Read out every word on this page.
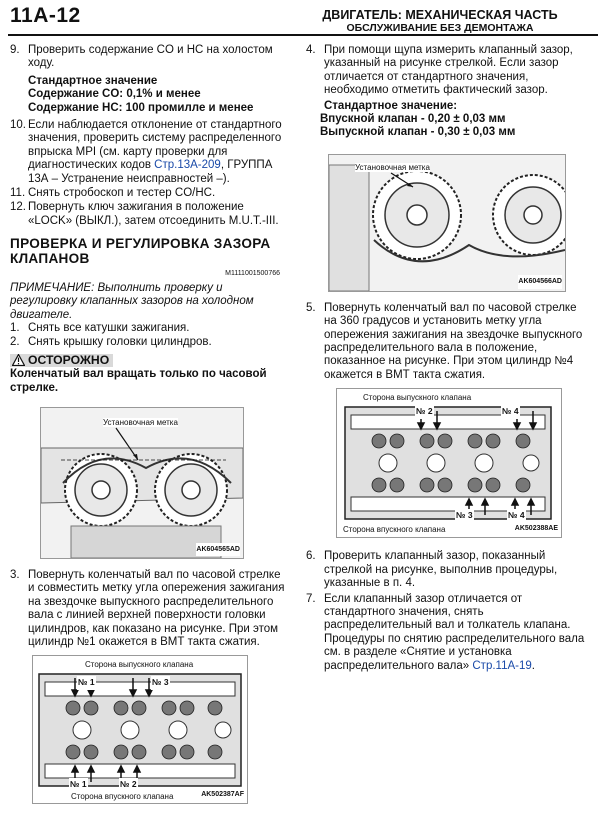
11A-12	ДВИГАТЕЛЬ: МЕХАНИЧЕСКАЯ ЧАСТЬ
ОБСЛУЖИВАНИЕ БЕЗ ДЕМОНТАЖА
9. Проверить содержание CO и HC на холостом ходу.
Стандартное значение
Содержание CO: 0,1% и менее
Содержание HC: 100 промилле и менее
10. Если наблюдается отклонение от стандартного значения, проверить систему распределенного впрыска MPI (см. карту проверки для диагностических кодов Стр.13A-209, ГРУППА 13А – Устранение неисправностей –).
11. Снять стробоскоп и тестер CO/HC.
12. Повернуть ключ зажигания в положение «LOCK» (ВЫКЛ.), затем отсоединить M.U.T.-III.
ПРОВЕРКА И РЕГУЛИРОВКА ЗАЗОРА КЛАПАНОВ
M1111001500766
ПРИМЕЧАНИЕ: Выполнить проверку и регулировку клапанных зазоров на холодном двигателе.
1. Снять все катушки зажигания.
2. Снять крышку головки цилиндров.
ОСТОРОЖНО
Коленчатый вал вращать только по часовой стрелке.
Установочная метка
AK604565AD
3. Повернуть коленчатый вал по часовой стрелке и совместить метку угла опережения зажигания на звездочке выпускного распределительного вала с линией верхней поверхности головки цилиндров, как показано на рисунке. При этом цилиндр №1 окажется в ВМТ такта сжатия.
Сторона выпускного клапана
№ 1	№ 3
№ 1	№ 2
Сторона впускного клапана	AK502387AF
4. При помощи щупа измерить клапанный зазор, указанный на рисунке стрелкой. Если зазор отличается от стандартного значения, необходимо отметить фактический зазор.
Стандартное значение:
Впускной клапан - 0,20 ± 0,03 мм
Выпускной клапан - 0,30 ± 0,03 мм
Установочная метка
AK604566AD
5. Повернуть коленчатый вал по часовой стрелке на 360 градусов и установить метку угла опережения зажигания на звездочке выпускного распределительного вала в положение, показанное на рисунке. При этом цилиндр №4 окажется в ВМТ такта сжатия.
Сторона выпускного клапана
№ 2	№ 4
№ 3	№ 4
Сторона впускного клапана	AK502388AE
6. Проверить клапанный зазор, показанный стрелкой на рисунке, выполнив процедуры, указанные в п. 4.
7. Если клапанный зазор отличается от стандартного значения, снять распределительный вал и толкатель клапана. Процедуры по снятию распределительного вала см. в разделе «Снятие и установка распределительного вала» Стр.11A-19.
